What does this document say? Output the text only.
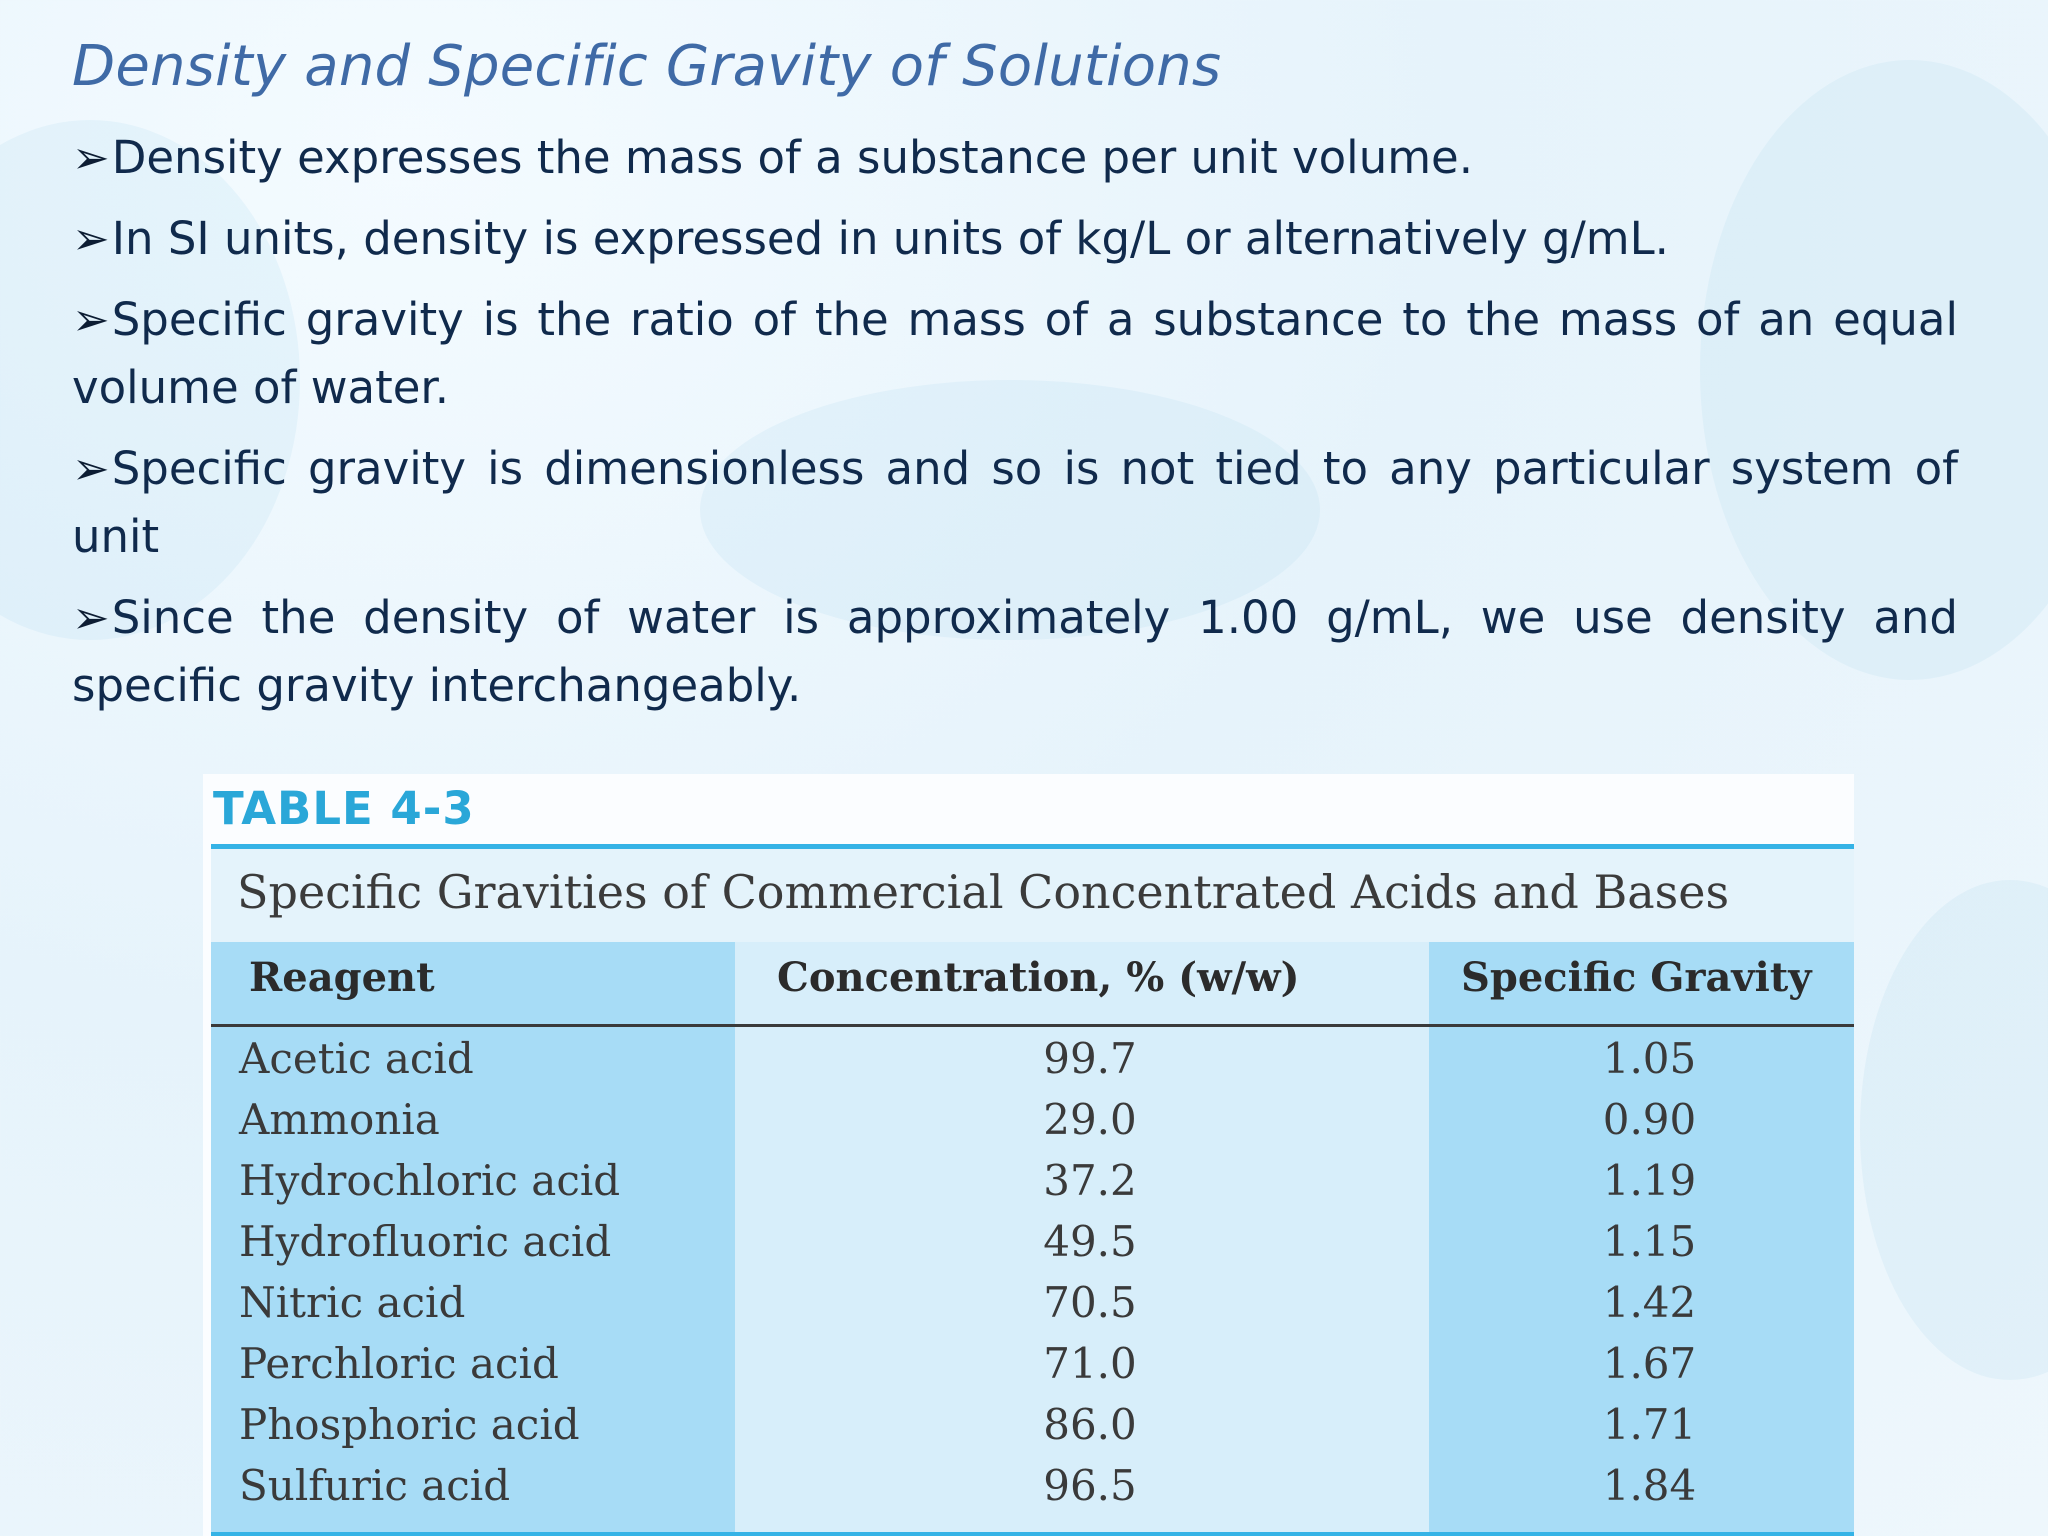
Density and Specific Gravity of Solutions
➢Density expresses the mass of a substance per unit volume.
➢In SI units, density is expressed in units of kg/L or alternatively g/mL.
➢Specific gravity is the ratio of the mass of a substance to the mass of an equal volume of water.
➢Specific gravity is dimensionless and so is not tied to any particular system of unit
➢Since the density of water is approximately 1.00 g/mL, we use density and specific gravity interchangeably.
TABLE 4-3
Specific Gravities of Commercial Concentrated Acids and Bases
Reagent	Concentration, % (w/w)	Specific Gravity
Acetic acid	99.7	1.05
Ammonia	29.0	0.90
Hydrochloric acid	37.2	1.19
Hydrofluoric acid	49.5	1.15
Nitric acid	70.5	1.42
Perchloric acid	71.0	1.67
Phosphoric acid	86.0	1.71
Sulfuric acid	96.5	1.84
